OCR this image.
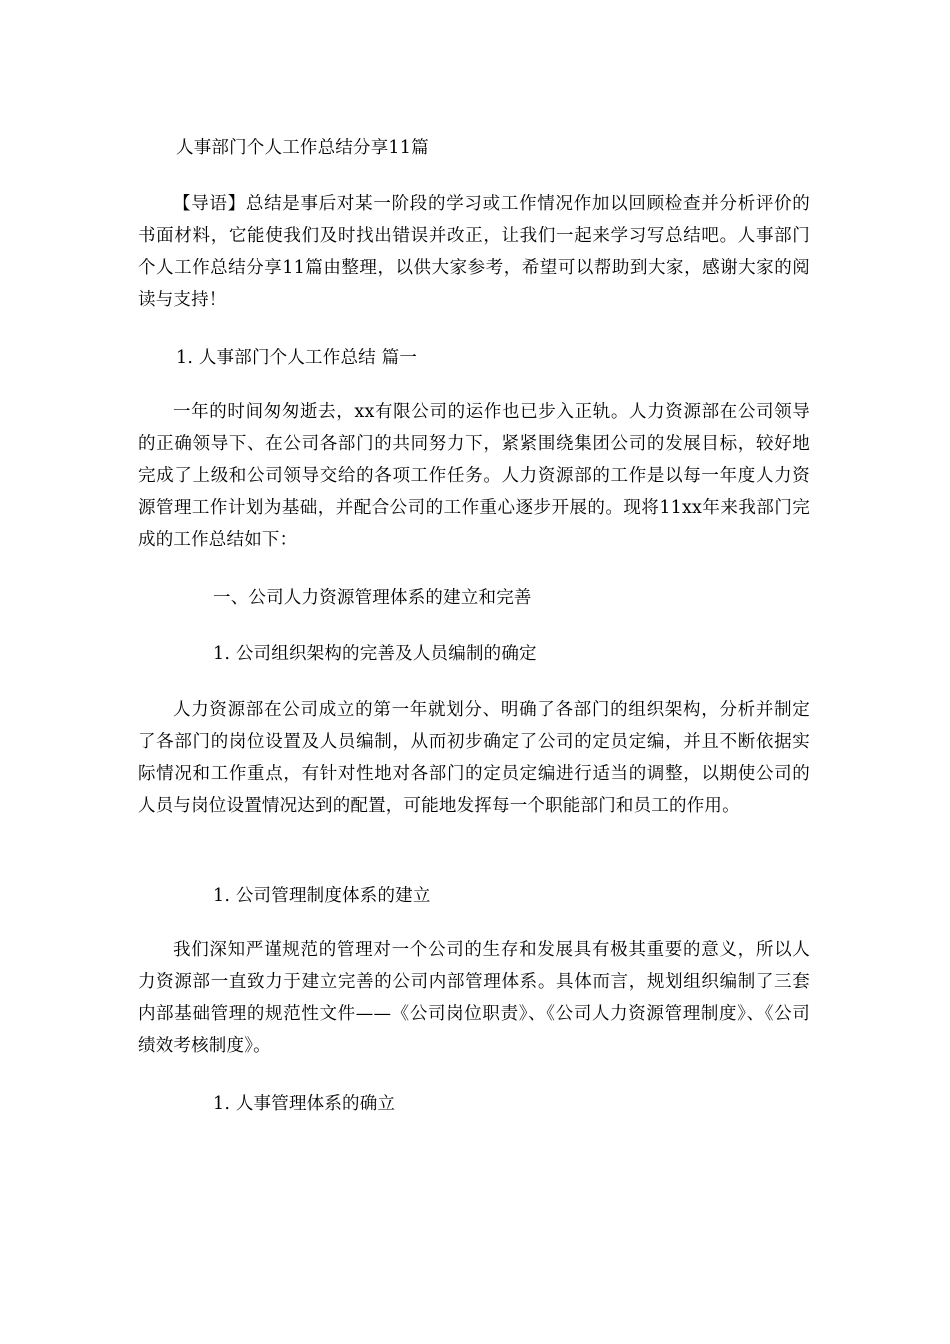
人事部门个人工作总结分享11篇

【导语】总结是事后对某一阶段的学习或工作情况作加以回顾检查并分析评价的书面材料，它能使我们及时找出错误并改正，让我们一起来学习写总结吧。人事部门个人工作总结分享11篇由整理，以供大家参考，希望可以帮助到大家，感谢大家的阅读与支持！

1. 人事部门个人工作总结 篇一

一年的时间匆匆逝去，xx有限公司的运作也已步入正轨。人力资源部在公司领导的正确领导下、在公司各部门的共同努力下，紧紧围绕集团公司的发展目标，较好地完成了上级和公司领导交给的各项工作任务。人力资源部的工作是以每一年度人力资源管理工作计划为基础，并配合公司的工作重心逐步开展的。现将11xx年来我部门完成的工作总结如下：

一、公司人力资源管理体系的建立和完善

1. 公司组织架构的完善及人员编制的确定

人力资源部在公司成立的第一年就划分、明确了各部门的组织架构，分析并制定了各部门的岗位设置及人员编制，从而初步确定了公司的定员定编，并且不断依据实际情况和工作重点，有针对性地对各部门的定员定编进行适当的调整，以期使公司的人员与岗位设置情况达到的配置，可能地发挥每一个职能部门和员工的作用。

1. 公司管理制度体系的建立

我们深知严谨规范的管理对一个公司的生存和发展具有极其重要的意义，所以人力资源部一直致力于建立完善的公司内部管理体系。具体而言，规划组织编制了三套内部基础管理的规范性文件——《公司岗位职责》、《公司人力资源管理制度》、《公司绩效考核制度》。

1. 人事管理体系的确立
